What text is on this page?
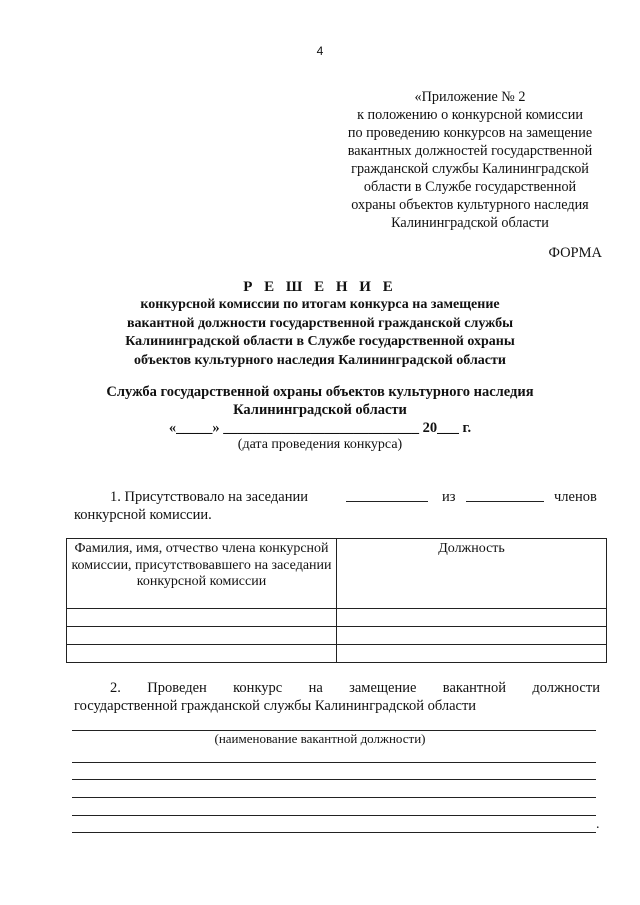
4
«Приложение № 2
к положению о конкурсной комиссии
по проведению конкурсов на замещение
вакантных должностей государственной
гражданской службы Калининградской
области в Службе государственной
охраны объектов культурного наследия
Калининградской области
ФОРМА
Р Е Ш Е Н И Е
конкурсной комиссии по итогам конкурса на замещение
вакантной должности государственной гражданской службы
Калининградской области в Службе государственной охраны
объектов культурного наследия Калининградской области
Служба государственной охраны объектов культурного наследия
Калининградской области
«_____» ___________________________ 20___ г.
(дата проведения конкурса)
1. Присутствовало на заседании	из	членов
конкурсной комиссии.
Фамилия, имя, отчество члена конкурсной комиссии, присутствовавшего на заседании конкурсной комиссии	Должность

2. Проведен конкурс на замещение вакантной должности
государственной гражданской службы Калининградской области
(наименование вакантной должности)
.
